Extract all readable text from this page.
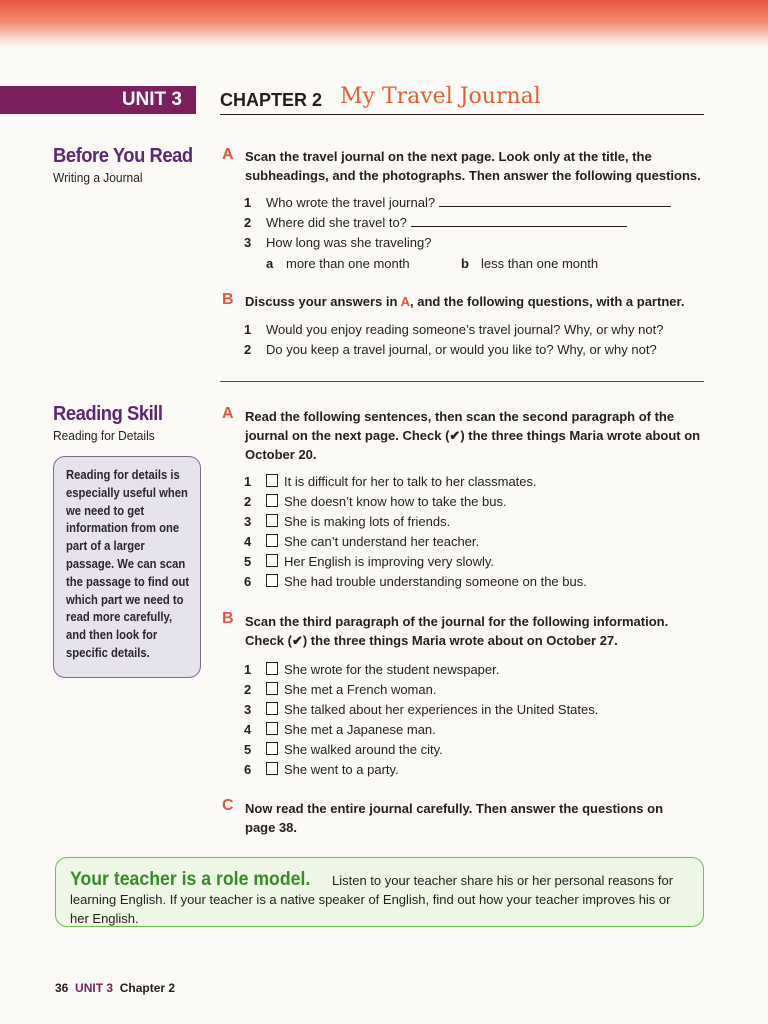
UNIT 3	CHAPTER 2 My Travel Journal
Before You Read
Writing a Journal
A Scan the travel journal on the next page. Look only at the title, the subheadings, and the photographs. Then answer the following questions.
1 Who wrote the travel journal?
2 Where did she travel to?
3 How long was she traveling?
a more than one month	b less than one month
B Discuss your answers in A, and the following questions, with a partner.
1 Would you enjoy reading someone’s travel journal? Why, or why not?
2 Do you keep a travel journal, or would you like to? Why, or why not?
Reading Skill
Reading for Details
Reading for details is especially useful when we need to get information from one part of a larger passage. We can scan the passage to find out which part we need to read more carefully, and then look for specific details.
A Read the following sentences, then scan the second paragraph of the journal on the next page. Check (✔) the three things Maria wrote about on October 20.
1	It is difficult for her to talk to her classmates.
2	She doesn’t know how to take the bus.
3	She is making lots of friends.
4	She can’t understand her teacher.
5	Her English is improving very slowly.
6	She had trouble understanding someone on the bus.
B Scan the third paragraph of the journal for the following information. Check (✔) the three things Maria wrote about on October 27.
1	She wrote for the student newspaper.
2	She met a French woman.
3	She talked about her experiences in the United States.
4	She met a Japanese man.
5	She walked around the city.
6	She went to a party.
C Now read the entire journal carefully. Then answer the questions on page 38.
Your teacher is a role model. Listen to your teacher share his or her personal reasons for learning English. If your teacher is a native speaker of English, find out how your teacher improves his or her English.
36 UNIT 3 Chapter 2
